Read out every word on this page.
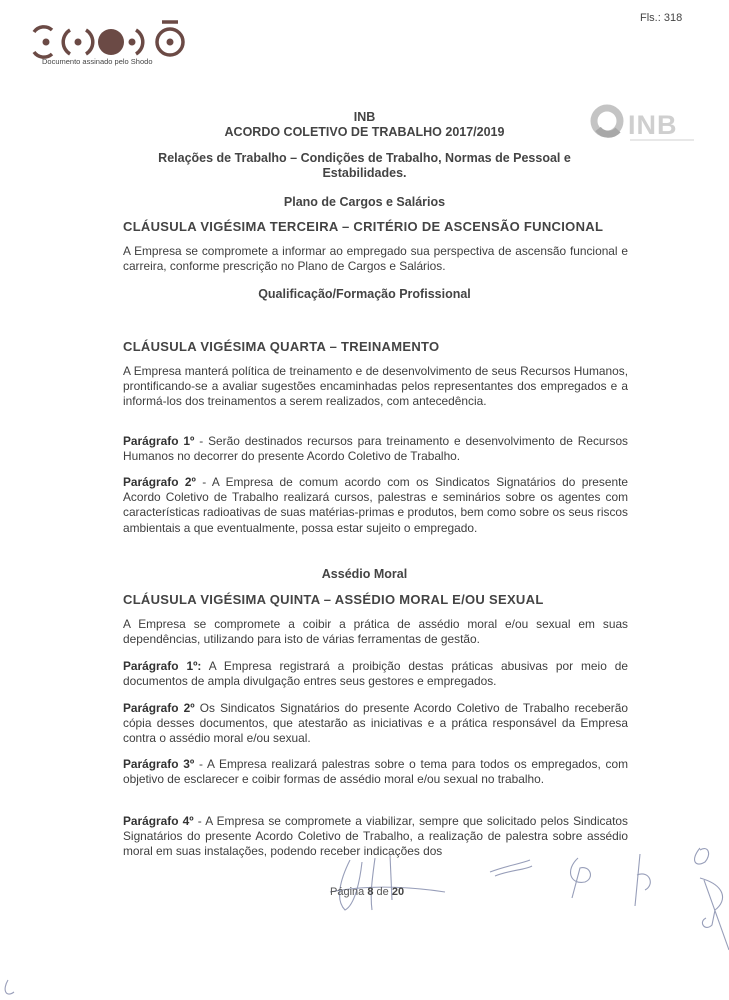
Fls.: 318
Documento assinado pelo Shodo
INB
INB
ACORDO COLETIVO DE TRABALHO 2017/2019
Relações de Trabalho – Condições de Trabalho, Normas de Pessoal e
Estabilidades.
Plano de Cargos e Salários
CLÁUSULA VIGÉSIMA TERCEIRA – CRITÉRIO DE ASCENSÃO FUNCIONAL
A Empresa se compromete a informar ao empregado sua perspectiva de ascensão funcional e carreira, conforme prescrição no Plano de Cargos e Salários.
Qualificação/Formação Profissional
CLÁUSULA VIGÉSIMA QUARTA – TREINAMENTO
A Empresa manterá política de treinamento e de desenvolvimento de seus Recursos Humanos, prontificando-se a avaliar sugestões encaminhadas pelos representantes dos empregados e a informá-los dos treinamentos a serem realizados, com antecedência.
Parágrafo 1º - Serão destinados recursos para treinamento e desenvolvimento de Recursos Humanos no decorrer do presente Acordo Coletivo de Trabalho.
Parágrafo 2º - A Empresa de comum acordo com os Sindicatos Signatários do presente Acordo Coletivo de Trabalho realizará cursos, palestras e seminários sobre os agentes com características radioativas de suas matérias-primas e produtos, bem como sobre os seus riscos ambientais a que eventualmente, possa estar sujeito o empregado.
Assédio Moral
CLÁUSULA VIGÉSIMA QUINTA – ASSÉDIO MORAL E/OU SEXUAL
A Empresa se compromete a coibir a prática de assédio moral e/ou sexual em suas dependências, utilizando para isto de várias ferramentas de gestão.
Parágrafo 1º: A Empresa registrará a proibição destas práticas abusivas por meio de documentos de ampla divulgação entres seus gestores e empregados.
Parágrafo 2º Os Sindicatos Signatários do presente Acordo Coletivo de Trabalho receberão cópia desses documentos, que atestarão as iniciativas e a prática responsável da Empresa contra o assédio moral e/ou sexual.
Parágrafo 3º - A Empresa realizará palestras sobre o tema para todos os empregados, com objetivo de esclarecer e coibir formas de assédio moral e/ou sexual no trabalho.
Parágrafo 4º - A Empresa se compromete a viabilizar, sempre que solicitado pelos Sindicatos Signatários do presente Acordo Coletivo de Trabalho, a realização de palestra sobre assédio moral em suas instalações, podendo receber indicações dos
Página 8 de 20
